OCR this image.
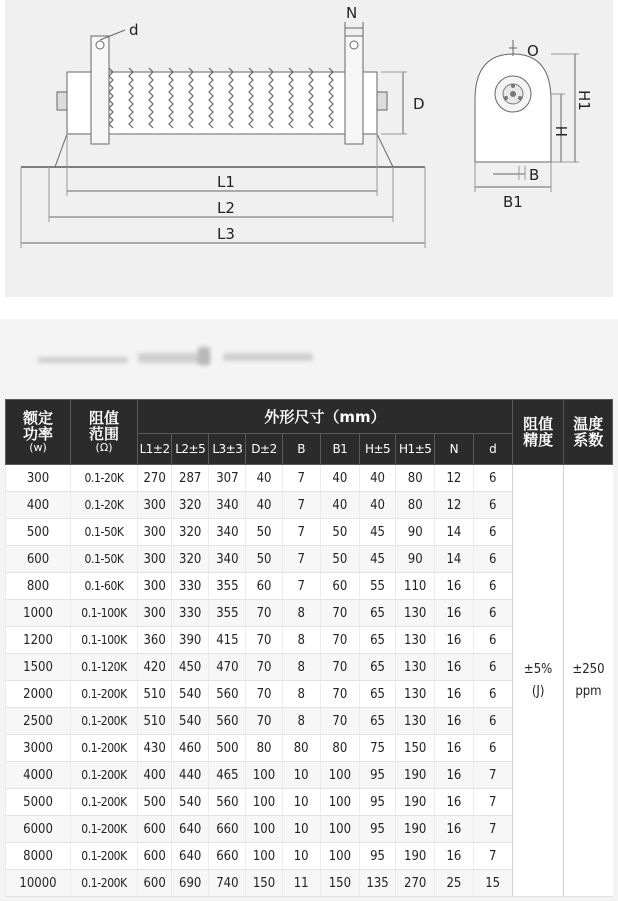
d
N
D
L1
L2
L3
O
H
H1
B
B1
额定
功率
(w)	阻值
范围
(Ω)	外形尺寸（mm）										阻值
精度	温度
系数
		L1±2	L2±5	L3±3	D±2	B	B1	H±5	H1±5	N	d		
300	0.1-20K	270	287	307	40	7	40	40	80	12	6	±5%
(J)	±250
ppm
400	0.1-20K	300	320	340	40	7	40	40	80	12	6		
500	0.1-50K	300	320	340	50	7	50	45	90	14	6		
600	0.1-50K	300	320	340	50	7	50	45	90	14	6		
800	0.1-60K	300	330	355	60	7	60	55	110	16	6		
1000	0.1-100K	300	330	355	70	8	70	65	130	16	6		
1200	0.1-100K	360	390	415	70	8	70	65	130	16	6		
1500	0.1-120K	420	450	470	70	8	70	65	130	16	6		
2000	0.1-200K	510	540	560	70	8	70	65	130	16	6		
2500	0.1-200K	510	540	560	70	8	70	65	130	16	6		
3000	0.1-200K	430	460	500	80	80	80	75	150	16	6		
4000	0.1-200K	400	440	465	100	10	100	95	190	16	7		
5000	0.1-200K	500	540	560	100	10	100	95	190	16	7		
6000	0.1-200K	600	640	660	100	10	100	95	190	16	7		
8000	0.1-200K	600	640	660	100	10	100	95	190	16	7		
10000	0.1-200K	600	690	740	150	11	150	135	270	25	15		
